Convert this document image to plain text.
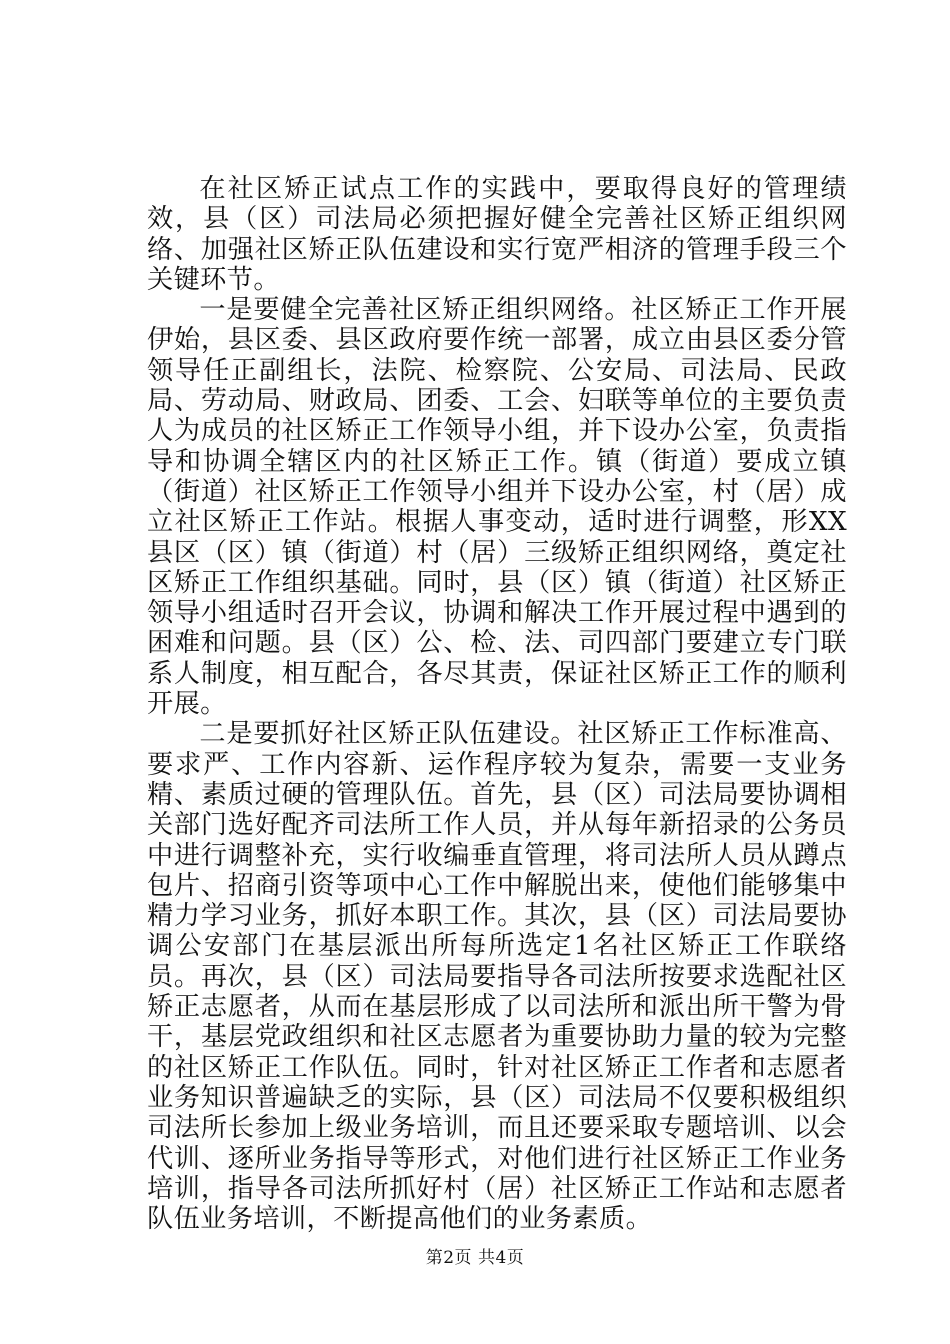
在社区矫正试点工作的实践中，要取得良好的管理绩效，县（区）司法局必须把握好健全完善社区矫正组织网络、加强社区矫正队伍建设和实行宽严相济的管理手段三个关键环节。

一是要健全完善社区矫正组织网络。社区矫正工作开展伊始，县区委、县区政府要作统一部署，成立由县区委分管领导任正副组长，法院、检察院、公安局、司法局、民政局、劳动局、财政局、团委、工会、妇联等单位的主要负责人为成员的社区矫正工作领导小组，并下设办公室，负责指导和协调全辖区内的社区矫正工作。镇（街道）要成立镇（街道）社区矫正工作领导小组并下设办公室，村（居）成立社区矫正工作站。根据人事变动，适时进行调整，形XX县区（区）镇（街道）村（居）三级矫正组织网络，奠定社区矫正工作组织基础。同时，县（区）镇（街道）社区矫正领导小组适时召开会议，协调和解决工作开展过程中遇到的困难和问题。县（区）公、检、法、司四部门要建立专门联系人制度，相互配合，各尽其责，保证社区矫正工作的顺利开展。

二是要抓好社区矫正队伍建设。社区矫正工作标准高、要求严、工作内容新、运作程序较为复杂，需要一支业务精、素质过硬的管理队伍。首先，县（区）司法局要协调相关部门选好配齐司法所工作人员，并从每年新招录的公务员中进行调整补充，实行收编垂直管理，将司法所人员从蹲点包片、招商引资等项中心工作中解脱出来，使他们能够集中精力学习业务，抓好本职工作。其次，县（区）司法局要协调公安部门在基层派出所每所选定1名社区矫正工作联络员。再次，县（区）司法局要指导各司法所按要求选配社区矫正志愿者，从而在基层形成了以司法所和派出所干警为骨干，基层党政组织和社区志愿者为重要协助力量的较为完整的社区矫正工作队伍。同时，针对社区矫正工作者和志愿者业务知识普遍缺乏的实际，县（区）司法局不仅要积极组织司法所长参加上级业务培训，而且还要采取专题培训、以会代训、逐所业务指导等形式，对他们进行社区矫正工作业务培训，指导各司法所抓好村（居）社区矫正工作站和志愿者队伍业务培训，不断提高他们的业务素质。

第2页 共4页
